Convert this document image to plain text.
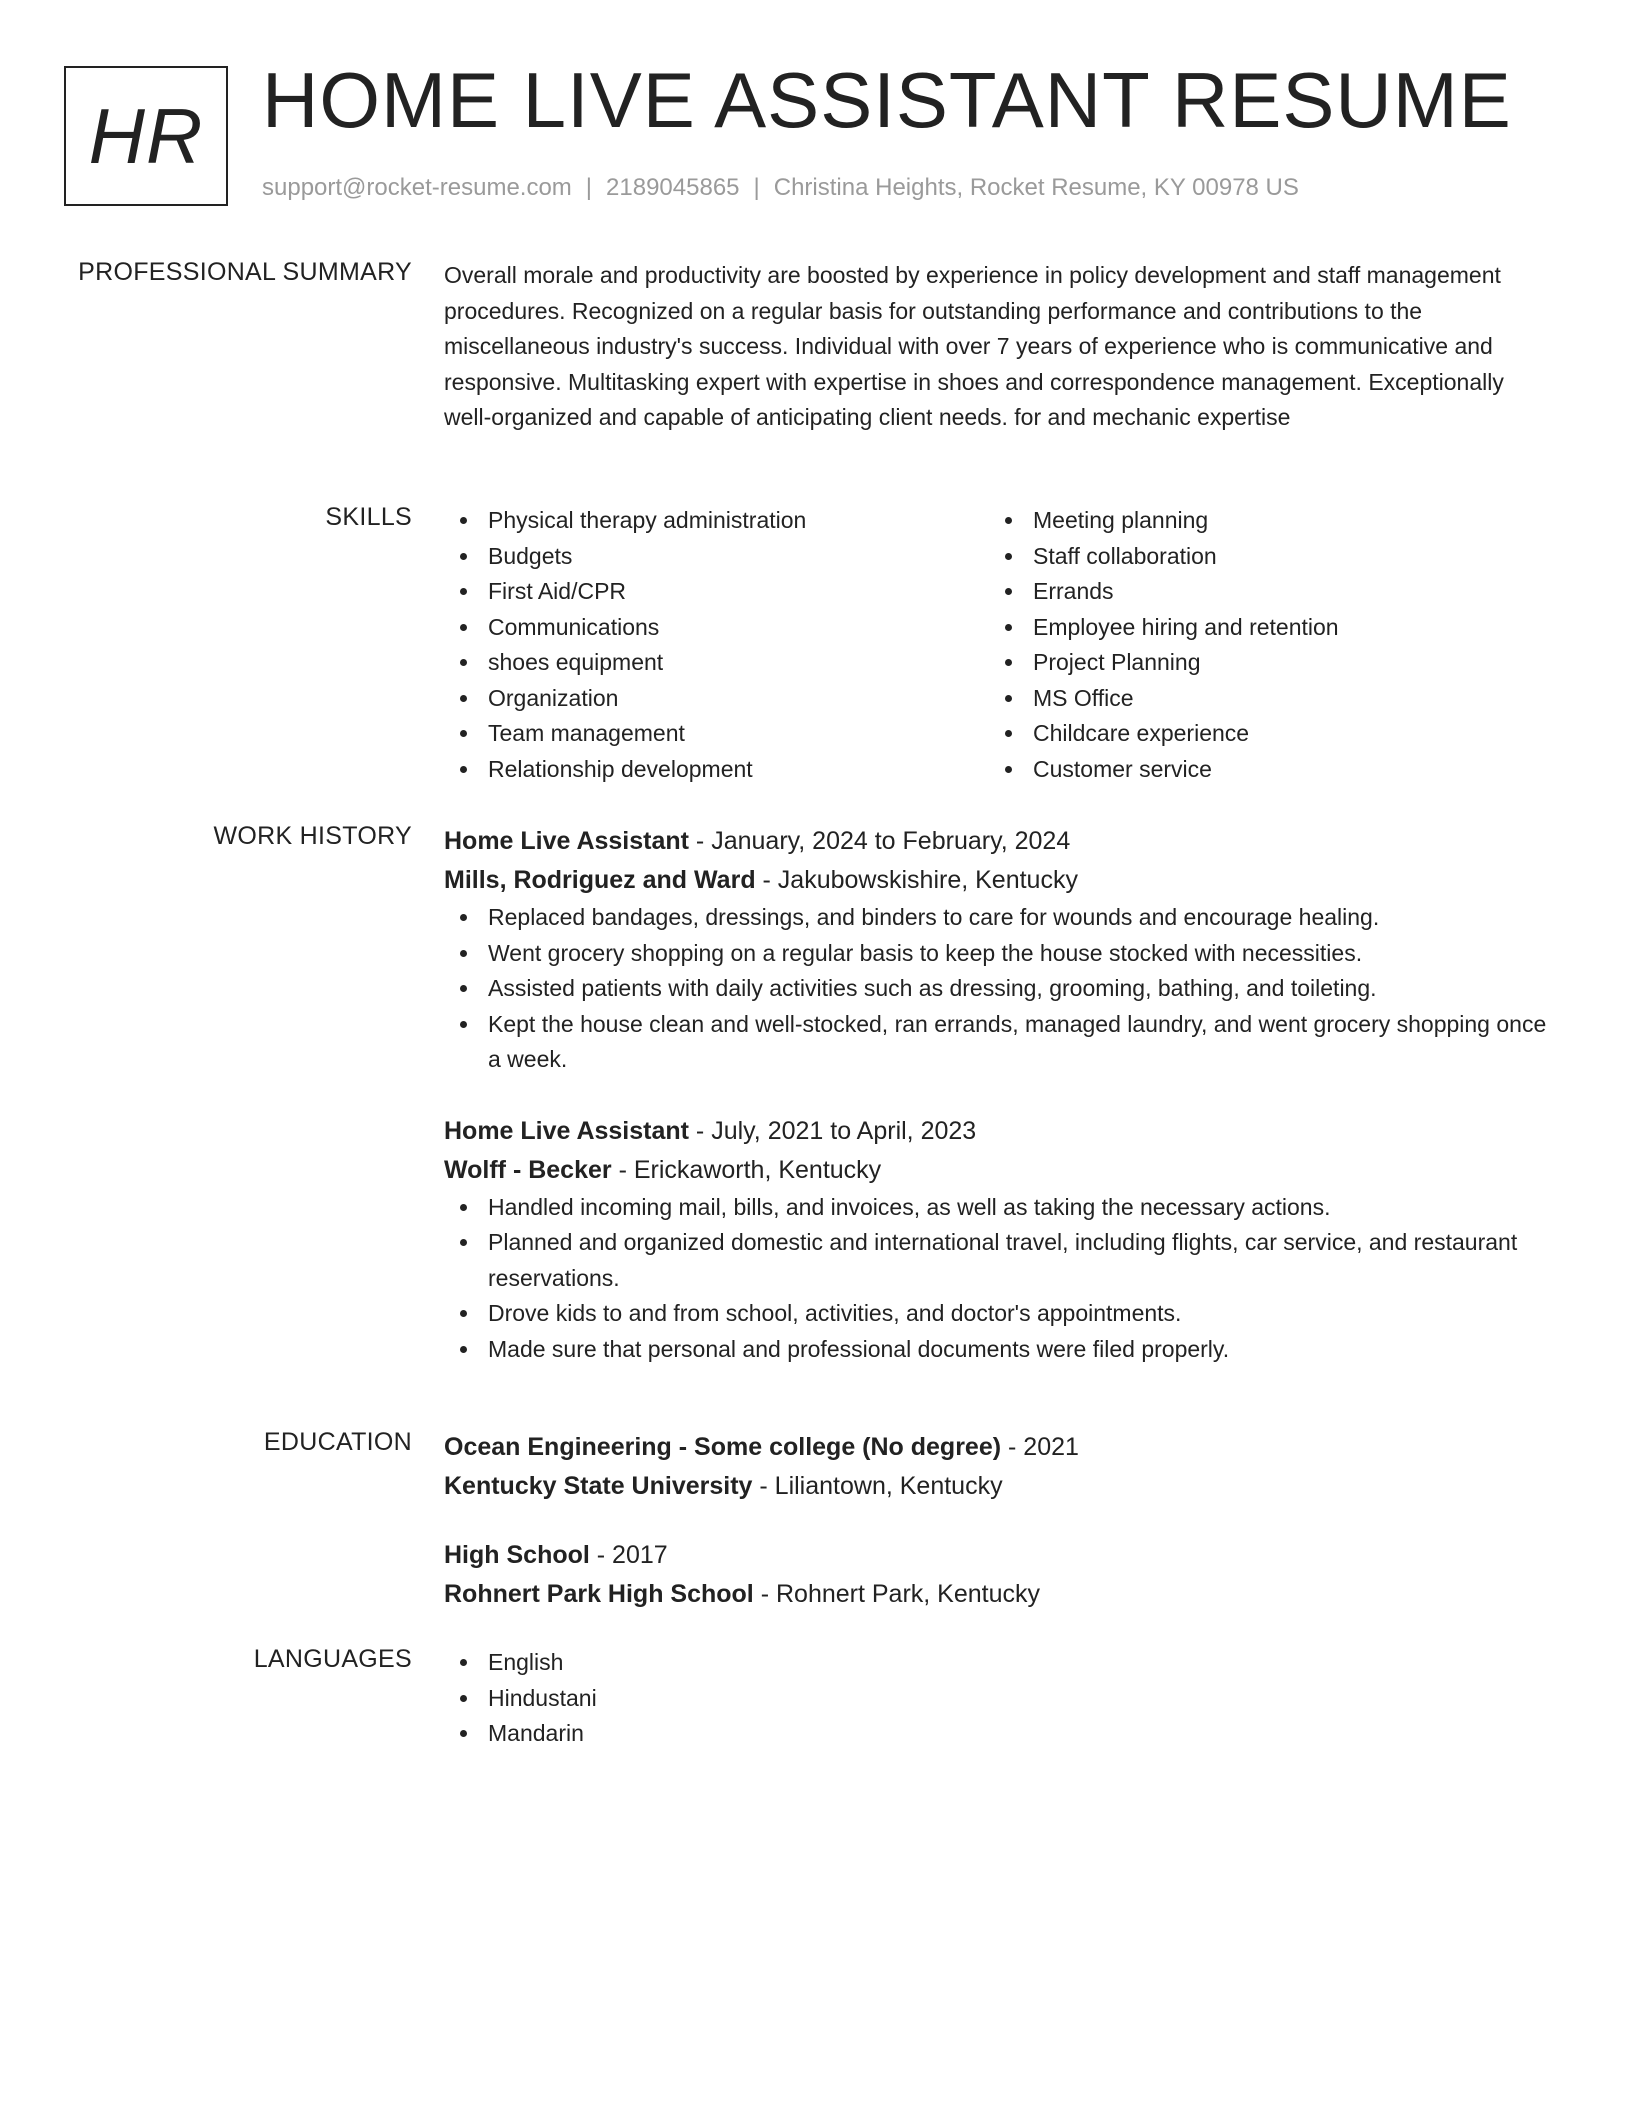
HR HOME LIVE ASSISTANT RESUME
support@rocket-resume.com | 2189045865 | Christina Heights, Rocket Resume, KY 00978 US
PROFESSIONAL SUMMARY Overall morale and productivity are boosted by experience in policy development and staff management procedures. Recognized on a regular basis for outstanding performance and contributions to the miscellaneous industry's success. Individual with over 7 years of experience who is communicative and responsive. Multitasking expert with expertise in shoes and correspondence management. Exceptionally well-organized and capable of anticipating client needs. for and mechanic expertise

SKILLS	Physical therapy administration
Budgets
First Aid/CPR
Communications
shoes equipment
Organization
Team management
Relationship development
Meeting planning
Staff collaboration
Errands
Employee hiring and retention
Project Planning
MS Office
Childcare experience
Customer service
WORK HISTORY Home Live Assistant - January, 2024 to February, 2024
Mills, Rodriguez and Ward - Jakubowskishire, Kentucky
Replaced bandages, dressings, and binders to care for wounds and encourage healing.
Went grocery shopping on a regular basis to keep the house stocked with necessities.
Assisted patients with daily activities such as dressing, grooming, bathing, and toileting.
Kept the house clean and well-stocked, ran errands, managed laundry, and went grocery shopping once a week.
Home Live Assistant - July, 2021 to April, 2023
Wolff - Becker - Erickaworth, Kentucky
Handled incoming mail, bills, and invoices, as well as taking the necessary actions.
Planned and organized domestic and international travel, including flights, car service, and restaurant reservations.
Drove kids to and from school, activities, and doctor's appointments.
Made sure that personal and professional documents were filed properly.
EDUCATION Ocean Engineering - Some college (No degree) - 2021
Kentucky State University - Liliantown, Kentucky
High School - 2017
Rohnert Park High School - Rohnert Park, Kentucky
LANGUAGES	English
Hindustani
Mandarin
